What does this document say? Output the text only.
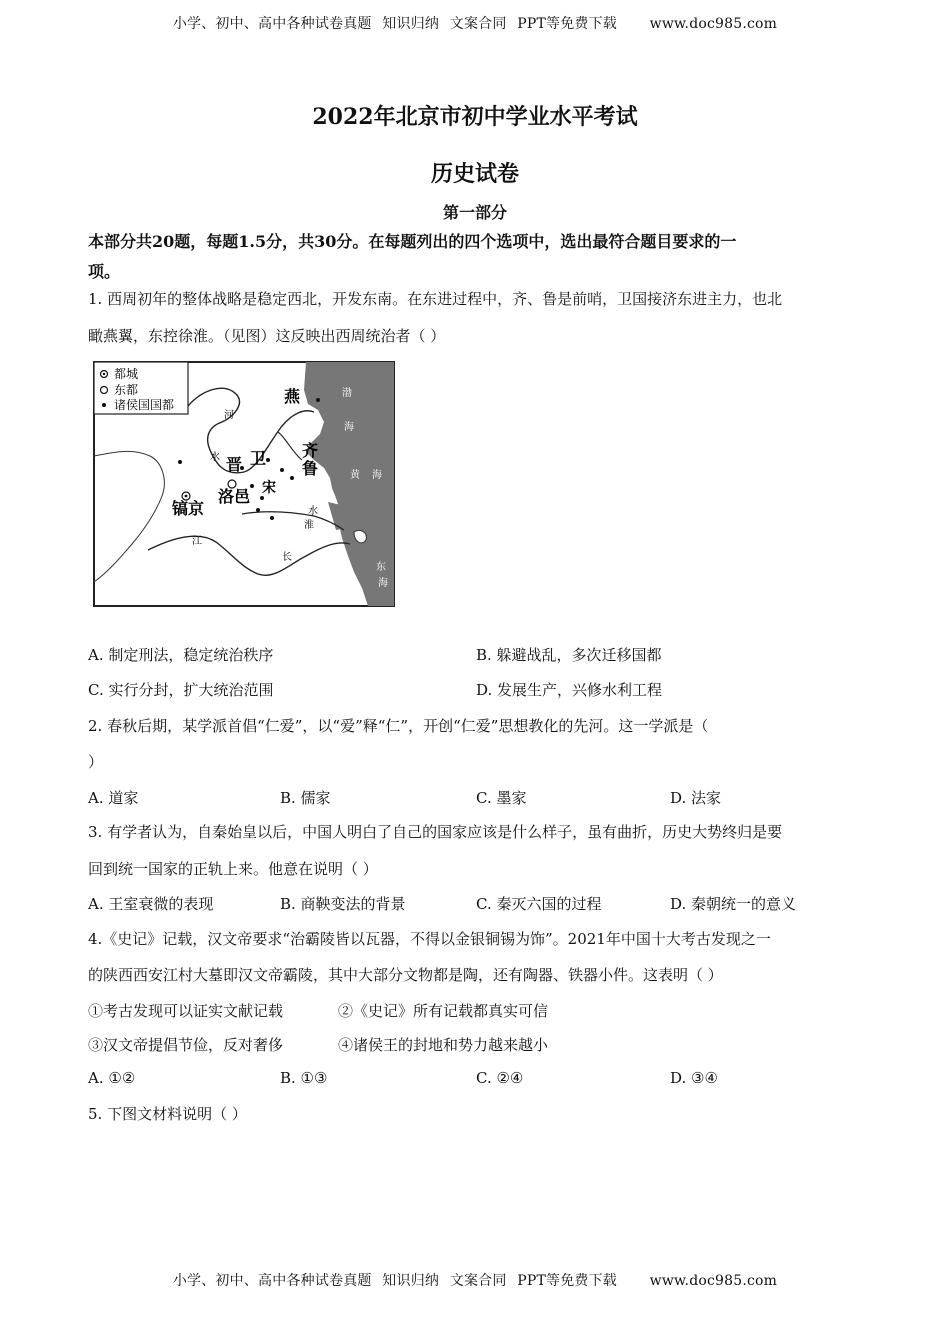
小学、初中、高中各种试卷真题 知识归纳 文案合同 PPT等免费下载 www.doc985.com
2022年北京市初中学业水平考试
历史试卷
第一部分
本部分共20题，每题1.5分，共30分。在每题列出的四个选项中，选出最符合题目要求的一
项。
1. 西周初年的整体战略是稳定西北，开发东南。在东进过程中，齐、鲁是前哨，卫国接济东进主力，也北
瞰燕翼，东控徐淮。（见图）这反映出西周统治者（ ）
都城
东都
诸侯国国都	燕
晋 卫 齐
鲁
宋
洛邑
镐京
河
水
江
淮
水
长
渤
海
黄 海
东
海
A. 制定刑法，稳定统治秩序	B. 躲避战乱，多次迁移国都
C. 实行分封，扩大统治范围	D. 发展生产，兴修水利工程
2. 春秋后期，某学派首倡“仁爱”，以“爱”释“仁”，开创“仁爱”思想教化的先河。这一学派是（
）
A. 道家	B. 儒家	C. 墨家	D. 法家
3. 有学者认为，自秦始皇以后，中国人明白了自己的国家应该是什么样子，虽有曲折，历史大势终归是要
回到统一国家的正轨上来。他意在说明（ ）
A. 王室衰微的表现	B. 商鞅变法的背景	C. 秦灭六国的过程	D. 秦朝统一的意义
4.《史记》记载，汉文帝要求“治霸陵皆以瓦器，不得以金银铜锡为饰”。2021年中国十大考古发现之一
的陕西西安江村大墓即汉文帝霸陵，其中大部分文物都是陶，还有陶器、铁器小件。这表明（ ）
①考古发现可以证实文献记载	②《史记》所有记载都真实可信
③汉文帝提倡节俭，反对奢侈	④诸侯王的封地和势力越来越小
A. ①②	B. ①③	C. ②④	D. ③④
5. 下图文材料说明（ ）
小学、初中、高中各种试卷真题 知识归纳 文案合同 PPT等免费下载 www.doc985.com
